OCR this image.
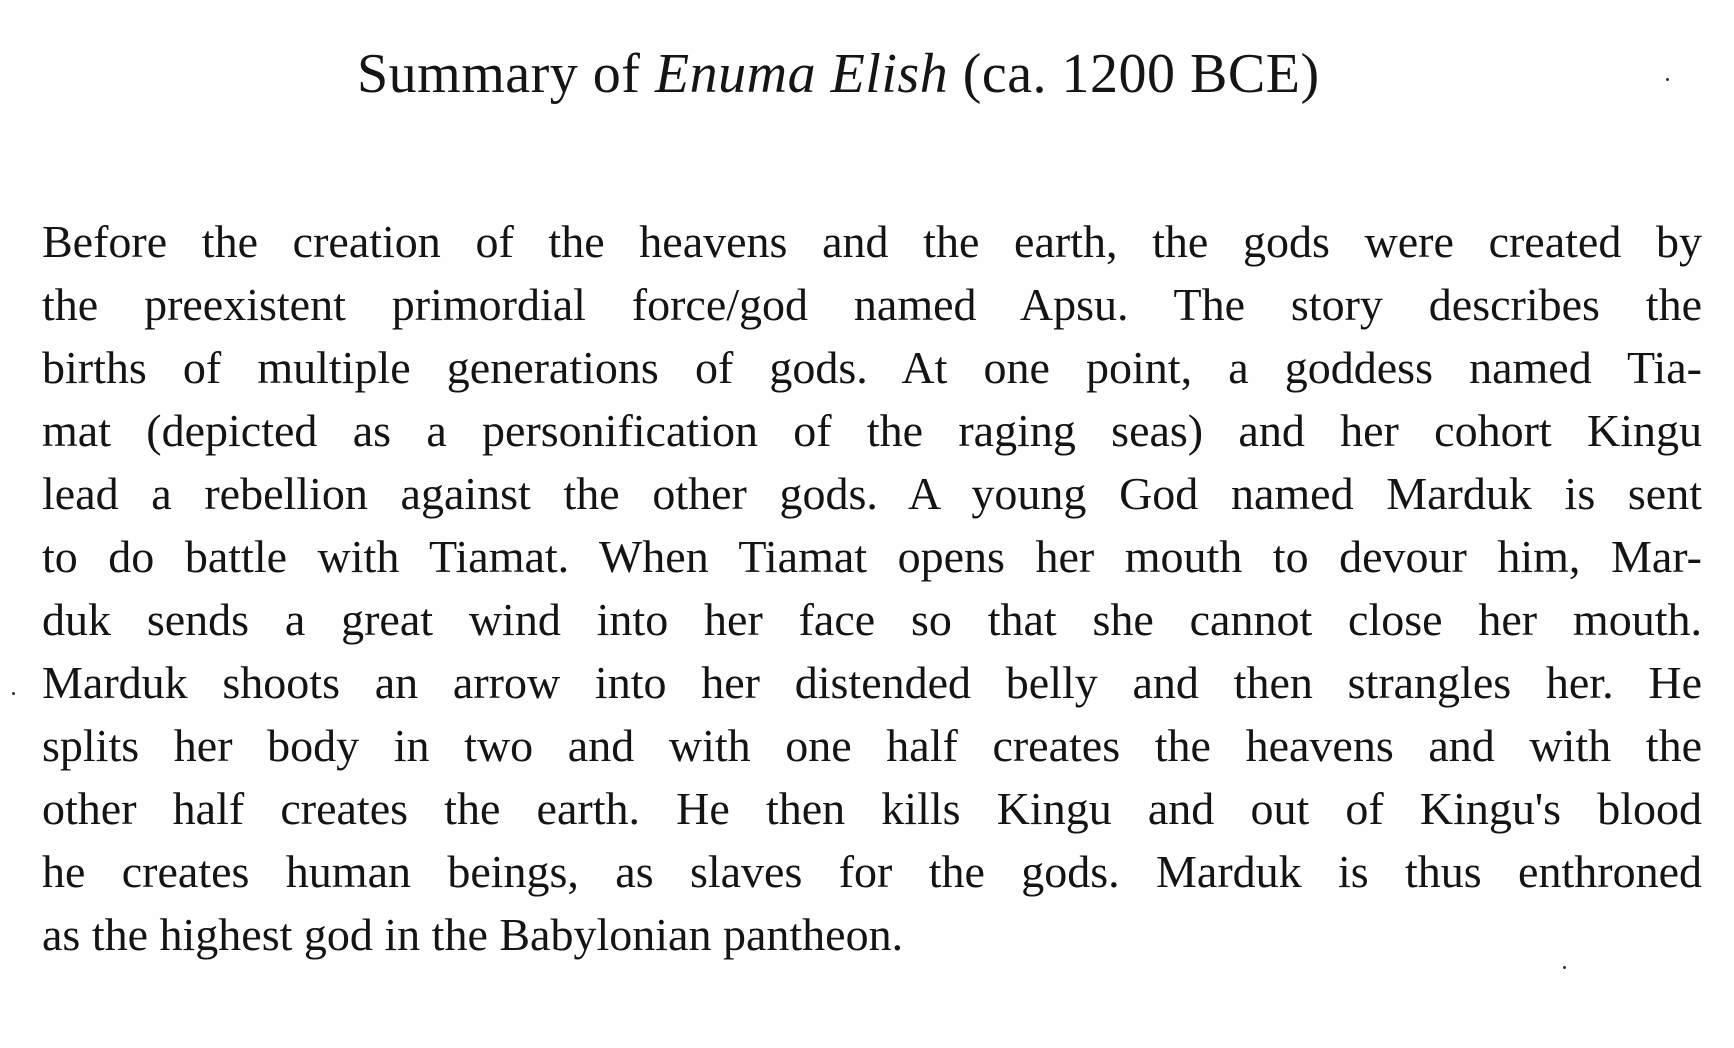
Summary of Enuma Elish (ca. 1200 BCE)
Before the creation of the heavens and the earth, the gods were created by
the preexistent primordial force/god named Apsu. The story describes the
births of multiple generations of gods. At one point, a goddess named Tia-
mat (depicted as a personification of the raging seas) and her cohort Kingu
lead a rebellion against the other gods. A young God named Marduk is sent
to do battle with Tiamat. When Tiamat opens her mouth to devour him, Mar-
duk sends a great wind into her face so that she cannot close her mouth.
Marduk shoots an arrow into her distended belly and then strangles her. He
splits her body in two and with one half creates the heavens and with the
other half creates the earth. He then kills Kingu and out of Kingu's blood
he creates human beings, as slaves for the gods. Marduk is thus enthroned
as the highest god in the Babylonian pantheon.
